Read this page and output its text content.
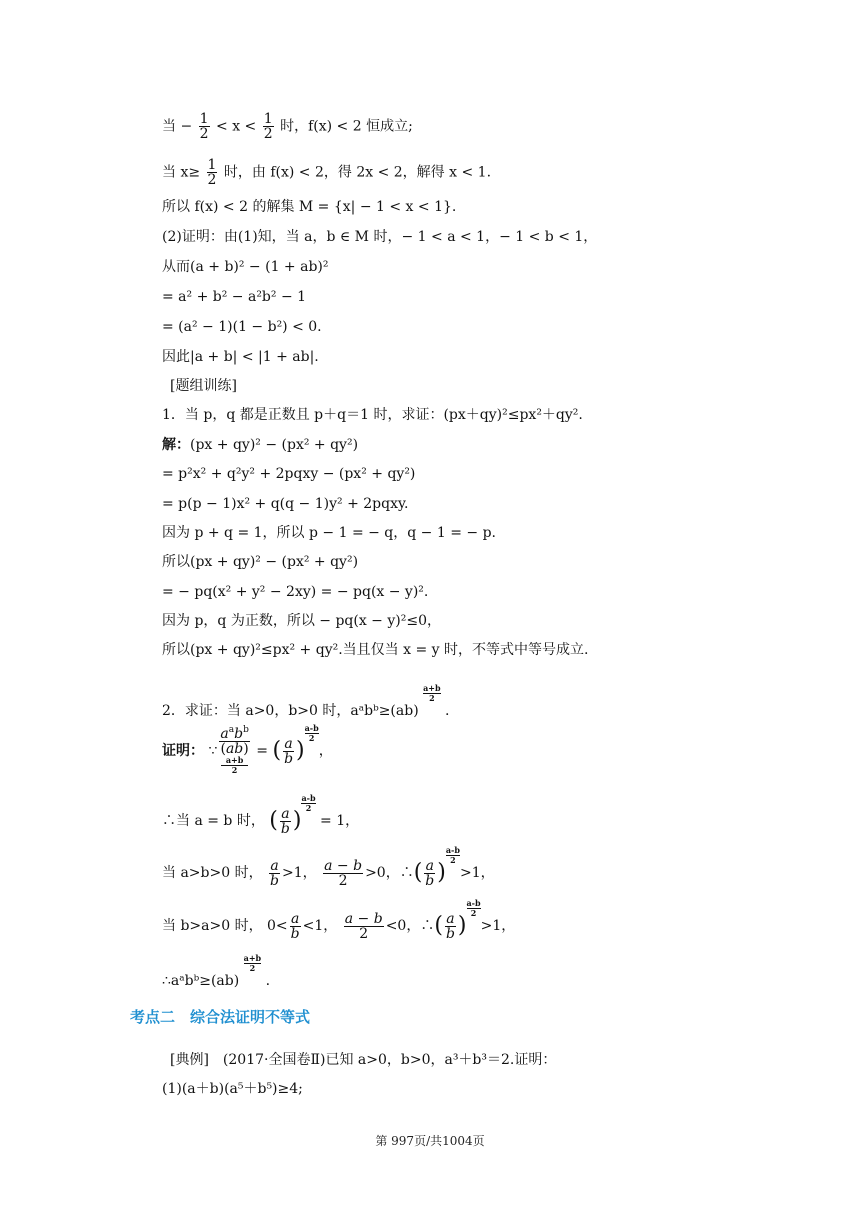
当 − $\frac{1}{2} < x < \frac{1}{2}$ 时，f(x) < 2 恒成立;
当 $x\ge \frac{1}{2}$ 时，由 f(x) < 2，得 2x < 2，解得 x < 1.
所以 f(x) < 2 的解集 M = {x| − 1 < x < 1}.
(2)证明：由(1)知，当 a，b ∈ M 时，− 1 < a < 1，− 1 < b < 1，
从而(a + b)² − (1 + ab)²
= a² + b² − a²b² − 1
= (a² − 1)(1 − b²) < 0.
因此|a + b| < |1 + ab|.
[题组训练]
1．当 p，q 都是正数且 p＋q＝1 时，求证：(px＋qy)²≤px²＋qy².
解：(px + qy)² − (px² + qy²)
= p²x² + q²y² + 2pqxy − (px² + qy²)
= p(p − 1)x² + q(q − 1)y² + 2pqxy.
因为 p + q = 1，所以 p − 1 = − q，q − 1 = − p.
所以(px + qy)² − (px² + qy²)
= − pq(x² + y² − 2xy) = − pq(x − y)².
因为 p，q 为正数，所以 − pq(x − y)²≤0，
所以(px + qy)²≤px² + qy².当且仅当 x = y 时，不等式中等号成立.
2．求证：当 a>0，b>0 时，aᵃbᵇ≥(ab)
$\frac{a+b}{2}$
.
证明： ∵ $a^ab^b$
(ab)
a+b
2 = ( $\frac{a}{b}$ )
$\frac{a-b}{2}$
，
∴当 a = b 时， ( $\frac{a}{b}$ )
$\frac{a-b}{2}$
= 1，
当 a>b>0 时， $\frac{a}{b} >1$， $\frac{a - b}{2} >0$，∴( $\frac{a}{b}$ )
$\frac{a-b}{2}$
>1，
当 b>a>0 时， $0< \frac{a}{b} <1$， $\frac{a - b}{2} <0$，∴( $\frac{a}{b}$ )
$\frac{a-b}{2}$
>1，
∴aᵃbᵇ≥(ab)
$\frac{a+b}{2}$
.
考点二　综合法证明不等式
[典例]　(2017·全国卷Ⅱ)已知 a>0，b>0，a³＋b³＝2.证明：
(1)(a＋b)(a⁵＋b⁵)≥4;
第 997页/共1004页
